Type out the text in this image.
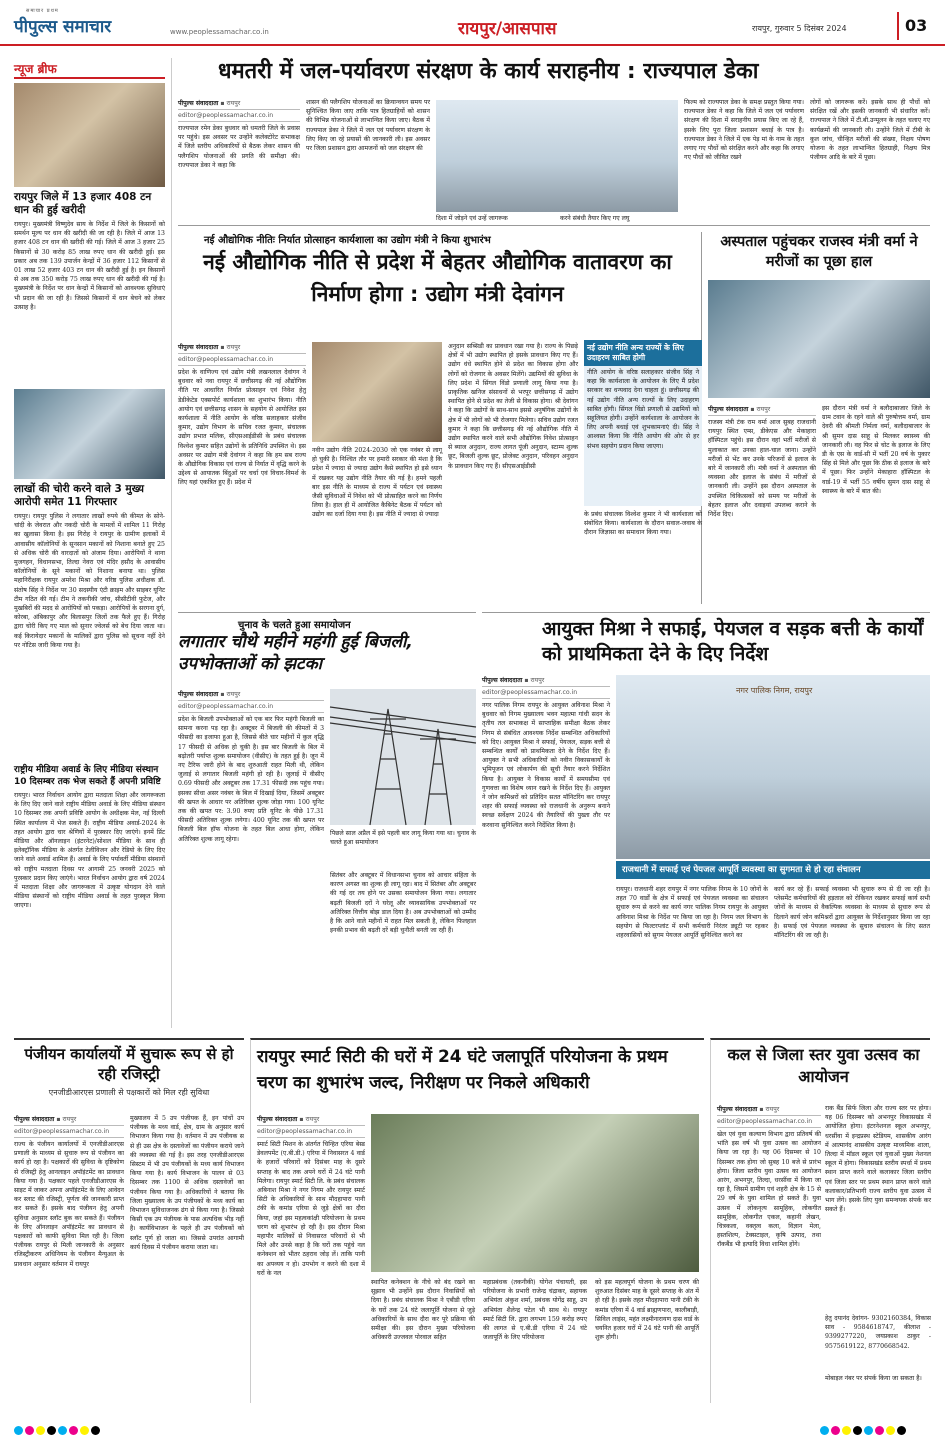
समाचार प्रथम
पीपुल्स समाचार	www.peoplessamachar.co.in	रायपुर/आसपास	रायपुर, गुरुवार 5 दिसंबर 2024	03
न्यूज ब्रीफ
रायपुर जिले में 13 हजार 408 टन धान की हुई खरीदी
रायपुर। मुख्यमंत्री विष्णुदेव साय के निर्देश में जिले के किसानों को समर्थन मूल्य पर धान की खरीदी की जा रही है। जिले में आज 13 हजार 408 टन धान की खरीदी की गई। जिले में आज 3 हजार 25 किसानों से 30 करोड़ 85 लाख रुपए धान की खरीदी हुई। इस प्रकार अब तक 139 उपार्जन केन्द्रों में 36 हजार 112 किसानों से 01 लाख 52 हजार 403 टन धान की खरीदी हुई है। इन किसानों से अब तक 350 करोड़ 75 लाख रुपए धान की खरीदी की गई है। मुख्यमंत्री के निर्देश पर धान केन्द्रों में किसानों को आवश्यक सुविधाएं भी प्रदान की जा रही है। जिससे किसानों में धान बेचने को लेकर उत्साह है।
लाखों की चोरी करने वाले 3 मुख्य आरोपी समेत 11 गिरफ्तार
रायपुर। रायपुर पुलिस ने लगातार लाखों रुपये की कीमत के सोने-चांदी के जेवरात और नकदी चोरी के मामलों में शामिल 11 गिरोह का खुलासा किया है। इस गिरोह ने रायपुर के ग्रामीण इलाकों में आवासीय कॉलोनियों के सूनसान मकानों को निशाना बनाते हुए 25 से अधिक चोरी की वारदातों को अंजाम दिया। आरोपियों ने थाना मुजगहन, विधानसभा, तिल्दा नेवरा एवं मंदिर हसौद के आवासीय कॉलोनियों के सूने मकानों को निशाना बनाया था। पुलिस महानिरीक्षक रायपुर अमरेश मिश्रा और वरिष्ठ पुलिस अधीक्षक डॉ. संतोष सिंह ने निर्देश पर 30 सदस्यीय एंटी क्राइम और साइबर यूनिट टीम गठित की गई। टीम ने तकनीकी जांच, सीसीटीवी फुटेज, और मुखबिरों की मदद से आरोपियों को पकड़ा। आरोपियों के सरगना दुर्ग, कोरबा, अंबिकापुर और बिलासपुर जिलों तक फैले हुए हैं। गिरोह द्वारा चोरी किए गए माल को सुनार ज्वेलर्स को बेच दिया जाता था। कई किरायेदार मकानों के मालिकों द्वारा पुलिस को सूचना नहीं देने पर नोटिस जारी किया गया है।
राष्ट्रीय मीडिया अवार्ड के लिए मीडिया संस्थान 10 दिसम्बर तक भेज सकते हैं अपनी प्रविष्टि
रायपुर। भारत निर्वाचन आयोग द्वारा मतदाता शिक्षा और जागरूकता के लिए दिए जाने वाले राष्ट्रीय मीडिया अवार्ड के लिए मीडिया संस्थान 10 दिसम्बर तक अपनी प्रविष्टि आयोग के अधीक्षक मेल, नई दिल्ली स्थित कार्यालय में भेज सकते हैं। राष्ट्रीय मीडिया अवार्ड-2024 के तहत आयोग द्वारा चार श्रेणियों में पुरस्कार दिए जाएंगे। इनमें प्रिंट मीडिया और ऑनलाइन (इंटरनेट)/सोशल मीडिया के साथ ही इलेक्ट्रॉनिक मीडिया के अंतर्गत टेलीविजन और रेडियो के लिए दिए जाने वाले अवार्ड शामिल हैं। अवार्ड के लिए पर्यावर्ती मीडिया संस्थानों को राष्ट्रीय मतदाता दिवस पर आगामी 25 जनवरी 2025 को पुरस्कार प्रदान किए जाएंगे। भारत निर्वाचन आयोग द्वारा वर्ष 2024 में मतदाता शिक्षा और जागरूकता में उत्कृष्ट योगदान देने वाले मीडिया संस्थानों को राष्ट्रीय मीडिया अवार्ड के तहत पुरस्कृत किया जाएगा।
धमतरी में जल-पर्यावरण संरक्षण के कार्य सराहनीय : राज्यपाल डेका
पीपुल्स संवाददाता ▪ रायपुर
editor@peoplessamachar.co.in
राज्यपाल रमेन डेका बुधवार को धमतरी जिले के प्रवास पर पहुंचे। इस अवसर पर उन्होंने कलेक्टोरेट सभाकक्ष में जिले स्तरीय अधिकारियों से बैठक लेकर शासन की फ्लैगशिप योजनाओं की प्रगति की समीक्षा की। राज्यपाल डेका ने कहा कि
शासन की फ्लैगशिप योजनाओं का क्रियान्वयन समय पर सुनिश्चित किया जाए ताकि पात्र हितग्राहियों को शासन की विभिन्न योजनाओं से लाभान्वित किया जाए। बैठक में राज्यपाल डेका ने जिले में जल एवं पर्यावरण संरक्षण के लिए किए जा रहे प्रयासों की जानकारी ली। इस अवसर पर जिला प्रशासन द्वारा आमजनों को जल संरक्षण की
दिशा में जोड़ने एवं उन्हें जागरूक	करने संबंधी तैयार किए गए लघु
फिल्म को राज्यपाल डेका के समक्ष प्रस्तुत किया गया। राज्यपाल डेका ने कहा कि जिले में जल एवं पर्यावरण संरक्षण की दिशा में सराहनीय प्रयास किए जा रहे हैं, इसके लिए पूरा जिला प्रशासन बधाई के पात्र है। राज्यपाल डेका ने जिले में एक पेड़ मां के नाम के तहत लगाए गए पौधों को संरक्षित करने और कहा कि लगाए गए पौधों को जीवित रखने
लोगों को जागरूक करें। इसके साथ ही पौधों को संरक्षित रखें और इसकी जानकारी भी संधारित करें। राज्यपाल ने जिले में टी.बी.उन्मूलन के तहत चलाए गए कार्यक्रमों की जानकारी ली। उन्होंने जिले में टीबी के कुल जांच, चीन्हित मरीजों की संख्या, निक्षय पोषण योजना के तहत लाभान्वित हितग्राही, निक्षय मित्र पंजीयन आदि के बारे में पूछा।
नई औद्योगिक नीतिः निर्यात प्रोत्साहन कार्यशाला का उद्योग मंत्री ने किया शुभारंभ
नई औद्योगिक नीति से प्रदेश में बेहतर औद्योगिक वातावरण का निर्माण होगा : उद्योग मंत्री देवांगन
पीपुल्स संवाददाता ▪ रायपुर
editor@peoplessamachar.co.in
प्रदेश के वाणिज्य एवं उद्योग मंत्री लखनलाल देवांगन ने बुधवार को नवा रायपुर में छत्तीसगढ़ की नई औद्योगिक नीति पर आधारित निर्यात प्रोत्साहन एवं निवेश हेतु डेडीकेटेड एक्सपोर्ट कार्यशाला का शुभारंभ किया। नीति आयोग एवं छत्तीसगढ़ शासन के सहयोग से आयोजित इस कार्यशाला में नीति आयोग के वरिष्ठ सलाहकार संजीव कुमार, उद्योग विभाग के सचिव रजत कुमार, संचालक उद्योग प्रभात मलिक, सीएसआईडीसी के प्रबंध संचालक विश्वेश कुमार सहित उद्योगों के प्रतिनिधि उपस्थित थे। इस अवसर पर उद्योग मंत्री देवांगन ने कहा कि हम सब राज्य के औद्योगिक विकास एवं राज्य से निर्यात में वृद्धि करने के उद्देश्य से आयातक बिंदुओं पर चर्चा एवं विचार-विमर्श के लिए यहां एकत्रित हुए हैं। प्रदेश में
नवीन उद्योग नीति 2024-2030 जो एक नवंबर से लागू हो चुकी है। निश्चित तौर पर हमारी सरकार की मंशा है कि प्रदेश में ज्यादा से ज्यादा उद्योग कैसे स्थापित हो इसे ध्यान में रखकर यह उद्योग नीति तैयार की गई है। हमने पहली बार इस नीति के माध्यम से राज्य में पर्यटन एवं स्वास्थ्य जैसी सुविधाओं में निवेश को भी प्रोत्साहित करने का निर्णय लिया है। हाल ही में आयोजित कैबिनेट बैठक में पर्यटन को उद्योग का दर्जा दिया गया है। इस नीति में ज्यादा से ज्यादा
अनुदान सब्सिडी का प्रावधान रखा गया है। राज्य के पिछड़े क्षेत्रों में भी उद्योग स्थापित हो इसके प्रावधान किए गए हैं। उद्योग धंधे स्थापित होने से प्रदेश का विकास होगा और लोगों को रोजगार के अवसर मिलेंगे। उद्यमियों की सुविधा के लिए प्रदेश में सिंगल विंडो प्रणाली लागू किया गया है। प्राकृतिक खनिज संसाधनों से भरपूर छत्तीसगढ़ में उद्योग स्थापित होने से प्रदेश का तेजी से विकास होगा। श्री देवांगन ने कहा कि उद्योगों के साथ-साथ इससे अनुषंगिक उद्योगों के क्षेत्र में भी लोगों को भी रोजगार मिलेगा। सचिव उद्योग रजत कुमार ने कहा कि छत्तीसगढ़ की नई औद्योगिक नीति में उद्योग स्थापित करने वाले सभी औद्योगिक निवेश प्रोत्साहन से ब्याज अनुदान, राज्य लागत पूंजी अनुदान, स्टाम्प शुल्क छूट, बिजली शुल्क छूट, प्रोजेक्ट अनुदान, परिवहन अनुदान के प्रावधान किए गए हैं। सीएसआईडीसी
नई उद्योग नीति अन्य राज्यों के लिए उदाहरण साबित होगी
नीति आयोग के वरिष्ठ सलाहकार संजीव सिंह ने कहा कि कार्यशाला के आयोजन के लिए मैं प्रदेश सरकार का धन्यवाद देना चाहता हूं। छत्तीसगढ़ की नई उद्योग नीति अन्य राज्यों के लिए उदाहरण साबित होगी। सिंगल विंडो प्रणाली से उद्यमियों को सहूलियत होगी। उन्होंने कार्यशाला के आयोजन के लिए अपनी बधाई एवं शुभकामनाएं दी। सिंह ने आश्वस्त किया कि नीति आयोग की ओर से हर संभव सहयोग प्रदान किया जाएगा।
के प्रबंध संचालक विश्वेश कुमार ने भी कार्यशाला को संबोधित किया। कार्यशाला के दौरान सवाल-जवाब के दौरान जिज्ञासा का समाधान किया गया।
अस्पताल पहुंचकर राजस्व मंत्री वर्मा ने मरीजों का पूछा हाल
पीपुल्स संवाददाता ▪ रायपुर
राजस्व मंत्री टंक राम वर्मा आज सुबह राजधानी रायपुर स्थित एम्स, डीकेएस और मेकाहारा हॉस्पिटल पहुंचे। इस दौरान वहां भर्ती मरीजों से मुलाकात कर उनका हाल-चाल जाना। उन्होंने मरीजों से भेंट कर उनके परिजनों से इलाज के बारे में जानकारी ली। मंत्री वर्मा ने अस्पताल की व्यवस्था और इलाज के संबंध में मरीजों से जानकारी ली। उन्होंने इस दौरान अस्पताल के उपस्थित चिकित्सकों को समय पर मरीजों के बेहतर इलाज और दवाइयां उपलब्ध कराने के निर्देश दिए।
इस दौरान मंत्री वर्मा ने बलौदाबाजार जिले के ग्राम टवान के रहने वाले श्री पुरुषोत्तम वर्मा, ग्राम देवरी की श्रीमती निर्मला वर्मा, बलौदाबाजार के श्री सुमन दास साहू से मिलकर स्वास्थ्य की जानकारी ली। वह फिर से चोट के इलाज के लिए डी के एस के वार्ड-सी में भर्ती 20 वर्ष के पुकार सिंह से मिले और पूछा कि ठीक से इलाज के बारे में पूछा। फिर उन्होंने मेकाहारा हॉस्पिटल के वार्ड-19 में भर्ती 55 वर्षीय सुमन दास साहू से स्वास्थ्य के बारे में बात की।
चुनाव के चलते हुआ समायोजन
लगातार चौथे महीने महंगी हुई बिजली, उपभोक्ताओं को झटका
पीपुल्स संवाददाता ▪ रायपुर
editor@peoplessamachar.co.in
प्रदेश के बिजली उपभोक्ताओं को एक बार फिर महंगी बिजली का सामना करना पड़ रहा है। अक्टूबर में बिजली की कीमतों में 3 फीसदी का इजाफा हुआ है, जिससे बीते चार महीनों में कुल वृद्धि 17 फीसदी से अधिक हो चुकी है। इस बार बिजली के बिल में बढ़ोतरी पर्याप्त शुल्क समायोजन (वीसीए) के तहत हुई है। जून में नए टैरिफ जारी होने के बाद शुरुआती राहत मिली थी, लेकिन जुलाई से लगातार बिजली महंगी हो रही है। जुलाई में वीसीए 0.69 फीसदी और अक्टूबर तक 17.31 फीसदी तक पहुंच गया। इसका सीधा असर नवंबर के बिल में दिखाई दिया, जिसमें अक्टूबर की खपत के आधार पर अतिरिक्त शुल्क जोड़ा गया। 100 यूनिट तक की खपत पर: 3.90 रुपए प्रति यूनिट के पीछे 17.31 फीसदी अतिरिक्त शुल्क लगेगा। 400 यूनिट तक की खपत पर बिजली बिल हॉफ योजना के तहत बिल आधा होगा, लेकिन अतिरिक्त शुल्क लागू रहेगा।
पिछले साल अप्रैल में इसे पहली बार लागू किया गया था। चुनाव के चलते हुआ समायोजन
सितंबर और अक्टूबर में विधानसभा चुनाव को आचार संहिता के कारण अगस्त का शुल्क ही लागू रहा। बाद में सितंबर और अक्टूबर की गई दर तय होने पर उसका समायोजन किया गया। लगातार बढ़ती बिजली दरों ने घरेलू और व्यावसायिक उपभोक्ताओं पर अतिरिक्त वित्तीय बोझ डाल दिया है। अब उपभोक्ताओं को उम्मीद है कि आने वाले महीनों में राहत मिल सकती है, लेकिन फिलहाल इनकी प्रभाव की बढ़ती दरें बड़ी चुनौती बनती जा रही हैं।
आयुक्त मिश्रा ने सफाई, पेयजल व सड़क बत्ती के कार्यों को प्राथमिकता देने के दिए निर्देश
पीपुल्स संवाददाता ▪ रायपुर
editor@peoplessamachar.co.in
नगर पालिक निगम रायपुर के आयुक्त अविनाश मिश्रा ने बुधवार को निगम मुख्यालय भवन महात्मा गांधी सदन के तृतीय तल सभाकक्ष में साप्ताहिक समीक्षा बैठक लेकर निगम से संबंधित आवश्यक निर्देश सम्बन्धित अधिकारियों को दिए। आयुक्त मिश्रा ने सफाई, पेयजल, सड़क बत्ती से सम्बन्धित कार्यों को प्राथमिकता देने के निर्देश दिए हैं। आयुक्त ने सभी अधिकारियों को नवीन विकासकार्यों के भूमिपूजन एवं लोकार्पण की सूची तैयार करने निर्देशित किया है। आयुक्त ने विकास कार्यों में समयसीमा एवं गुणवत्ता का विशेष ध्यान रखने के निर्देश दिए हैं। आयुक्त ने जोन कमिश्नरों को प्रतिदिन सतत मॉनिटरिंग कर रायपुर शहर की सफाई व्यवस्था को राजधानी के अनुरूप बनाने स्वच्छ सर्वेक्षण 2024 की तैयारियों की पुख्ता तौर पर करवाना सुनिश्चित करने निर्देशित किया है।
नगर पालिक निगम, रायपुर
राजधानी में सफाई एवं पेयजल आपूर्ति व्यवस्था का सुगमता से हो रहा संचालन
रायपुर। राजधानी शहर रायपुर में नगर पालिक निगम के 10 जोनों के तहत 70 वार्डों के क्षेत्र में सफाई एवं पेयजल व्यवस्था का संचालन सुचारु रूप से करने का कार्य नगर पालिक निगम रायपुर के आयुक्त अविनाश मिश्रा के निर्देश पर किया जा रहा है। निगम जल विभाग के सहयोग से फिल्टरप्लांट में सभी कर्मचारी निरंतर ड्यूटी पर रहकर शहरवासियों को सुगम पेयजल आपूर्ति सुनिश्चित करने का
कार्य कर रहे हैं। सफाई व्यवस्था भी सुचारु रूप से दी जा रही है। प्लेसमेंट कर्मचारियों की हड़ताल को रोकिनत रखकर सफाई कार्य सभी जोनों के माध्यम से वैकल्पिक व्यवस्था के माध्यम से सुचारु रूप से दिलाने कार्य जोन कमिश्नरों द्वारा आयुक्त के निर्देशानुसार किया जा रहा है। सफाई एवं पेयजल व्यवस्था के सुचारु संचालन के लिए सतत मॉनिटरिंग की जा रही है।
पंजीयन कार्यालयों में सुचारू रूप से हो रही रजिस्ट्री
एनजीडीआरएस प्रणाली से पक्षकारों को मिल रही सुविधा
पीपुल्स संवाददाता ▪ रायपुर
editor@peoplessamachar.co.in
राज्य के पंजीयन कार्यालयों में एनजीडीआरएस प्रणाली के माध्यम से सुचारु रूप से पंजीयन का कार्य हो रहा है। पक्षकारों की सुविधा के दृष्टिकोण से रजिस्ट्री हेतु आनलाइन अपॉइंटमेंट का प्रावधान किया गया है। पक्षकार पहले एनजीडीआरएस के साइट में जाकर अपना अपॉइंटमेंट के लिए आवेदन कर स्लाट की रजिस्ट्री, पूर्णता की जानकारी प्राप्त कर सकते हैं। इसके बाद पंजीयन हेतु अपनी सुविधा अनुसार स्लॉट बुक कर सकते हैं। पंजीयन के लिए ऑनलाइन अपॉइंटमेंट का प्रावधान से पक्षकारों को काफी सुविधा मिल रही है। जिला पंजीयक रायपुर से मिली जानकारी के अनुसार रजिस्ट्रीकरण अधिनियम के पंजीयन मैन्युअल के प्रावधान अनुसार वर्तमान में रायपुर
मुख्यालय में 5 उप पंजीयक हैं, इन पांचों उप पंजीयक के मध्य वार्ड, क्षेत्र, ग्राम के अनुसार कार्य विभाजन किया गया है। वर्तमान में उप पंजीयक स से ही उस क्षेत्र के दस्तावेजों का पंजीयन कराये जाने की व्यवस्था की गई है। इस तरह एनजीडीआरएस सिस्टम में भी उप पंजीयकों के मध्य कार्य विभाजन किया गया है। कार्य विभाजन के पालन से 03 दिसम्बर तक 1100 से अधिक दस्तावेजों का पंजीयन किया गया है। अधिकारियों ने बताया कि जिला मुख्यालय के उप पंजीयकों के मध्य कार्य का विभाजन सुविधाजनक ढंग से किया गया है। जिससे किसी एक उप पंजीयक के पास अत्यधिक भीड़ नहीं है। कार्यविभाजन के पहले ही उप पंजीयकों को स्लॉट पूर्ण हो जाता था। जिससे उपरांत आगामी कार्य दिवस में पंजीयन कराया जाता था।
रायपुर स्मार्ट सिटी की घरों में 24 घंटे जलापूर्ति परियोजना के प्रथम चरण का शुभारंभ जल्द, निरीक्षण पर निकले अधिकारी
पीपुल्स संवाददाता ▪ रायपुर
editor@peoplessamachar.co.in
स्मार्ट सिटी मिशन के अंतर्गत चिन्हित एरिया बेस्ड डेवलपमेंट (ए.बी.डी.) एरिया में निवासरत 4 वार्ड के हजारों परिवारों को दिसंबर माह के दूसरे सप्ताह के बाद तक अपने घरों में 24 घंटे पानी मिलेगा। रायपुर स्मार्ट सिटी लि. के प्रबंध संचालक अबिनाश मिश्रा ने नगर निगम और रायपुर स्मार्ट सिटी के अधिकारियों के साथ मौदहापारा पानी टंकी के कमांड एरिया से जुड़े क्षेत्रों का दौरा किया, जहां इस महत्वकांक्षी परियोजना के प्रथम चरण को शुभारंभ हो रही है। इस दौरान मिश्रा महापौर मालिकों से निवासरत परिवारों से भी मिले और उनसे कहा है कि घरों तक पहुंचे नल कनेक्शन को भीतर ठहराव जोड़ लें। ताकि पानी का अपव्यय न हो। उपभोग न करने की दशा में घरों के नल
स्थापित कनेक्शन के नीचे को बंद रखने का सुझाव भी उन्होंने इस दौरान निवासियों को दिया है। प्रबंध संचालक मिश्रा ने एबीडी एरिया के घरों तक 24 घंटे जलापूर्ति योजना से जुड़े अधिकारियों के साथ दौरा कर पूरे प्रक्रिया की समीक्षा की। इस दौरान मुख्य परियोजना अधिकारी उज्जवल पोरवाल सहित
महाप्रबंधक (तकनीकी) योगेश पंचायती, इस परियोजना के प्रभारी राजेन्द्र चंद्राकर, सहायक अभियंता अंकुश शर्मा, प्रबंधक योगेंद्र साहू, उप अभियंता शैलेन्द्र पटेल भी साथ थे। रायपुर स्मार्ट सिटी लि. द्वारा लगभग 159 करोड़ रुपए की लागत से ए.बी.डी एरिया में 24 घंटे जलापूर्ति के लिए परियोजना
को इस महत्वपूर्ण योजना के प्रथम चरण की शुरुआत दिसंबर माह के दूसरे सप्ताह के अंत में हो रही है। इसके तहत मौदहापारा पानी टंकी के कमांड एरिया में 4 वार्ड ब्राह्मणपारा, कालीबाड़ी, सिविल लाइंस, महंत लक्ष्मीनारायण दास वार्ड के चयनित हजार घरों में 24 घंटे पानी की आपूर्ति शुरू होगी।
कल से जिला स्तर युवा उत्सव का आयोजन
पीपुल्स संवाददाता ▪ रायपुर
editor@peoplessamachar.co.in
खेल एवं युवा कल्याण विभाग द्वारा प्रतिवर्ष की भांति इस वर्ष भी युवा उत्सव का आयोजन किया जा रहा है। यह 06 दिसम्बर से 10 दिसम्बर तक होगा जो सुबह 10 बजे से प्रारंभ होगा। जिला स्तरीय युवा उत्सव का आयोजन आरंग, अभनपुर, तिल्दा, धरसींवा में किया जा रहा है, जिसमें ग्रामीण एवं शहरी क्षेत्र के 15 से 29 वर्ष के युवा शामिल हो सकते हैं। युवा उत्सव में लोकनृत्य सामूहिक, लोकगीत सामूहिक, लोकगीत एकल, कहानी लेखन, चित्रकला, वक्तृत्व कला, विज्ञान मेला, हस्तशिल्प, टेक्सटाइल, कृषि उत्पाद, तथा रॉकबैंड भी इत्यादि विधा शामिल होंगे।
राक बैंड सिर्फ जिला और राज्य स्तर पर होगा। यह 06 दिसम्बर को अभनपुर विकासखंड में आयोजित होगा। इंटरनेशनल स्कूल अभनपुर, धरसींवा में इन्द्रप्रस्थ स्टेडियम, शासकीय आरंग में आत्मानंद शासकीय उत्कृष्ट माध्यमिक शाला, तिल्दा में मॉडल स्कूल एवं युवाओं मुख्य नेशनल स्कूल में होगा। विकासखंड स्तरीय स्पर्धा में प्रथम स्थान प्राप्त करने वाले कलाकार जिला स्तरीय एवं जिला स्तर पर प्रथम स्थान प्राप्त करने वाले कलाकार/प्रतिभागी राज्य स्तरीय युवा उत्सव में भाग लेंगे। इसके लिए युवा समन्वयक संपर्क कर सकते हैं।
हेतु दयानंद देवांगन- 9302160384, विकास साव - 9584618747, कीलाश - 9399277220, जयप्रकाश ठाकुर - 9575619122, 8770668542.
मोबाइल नंबर पर संपर्क किया जा सकता है।
